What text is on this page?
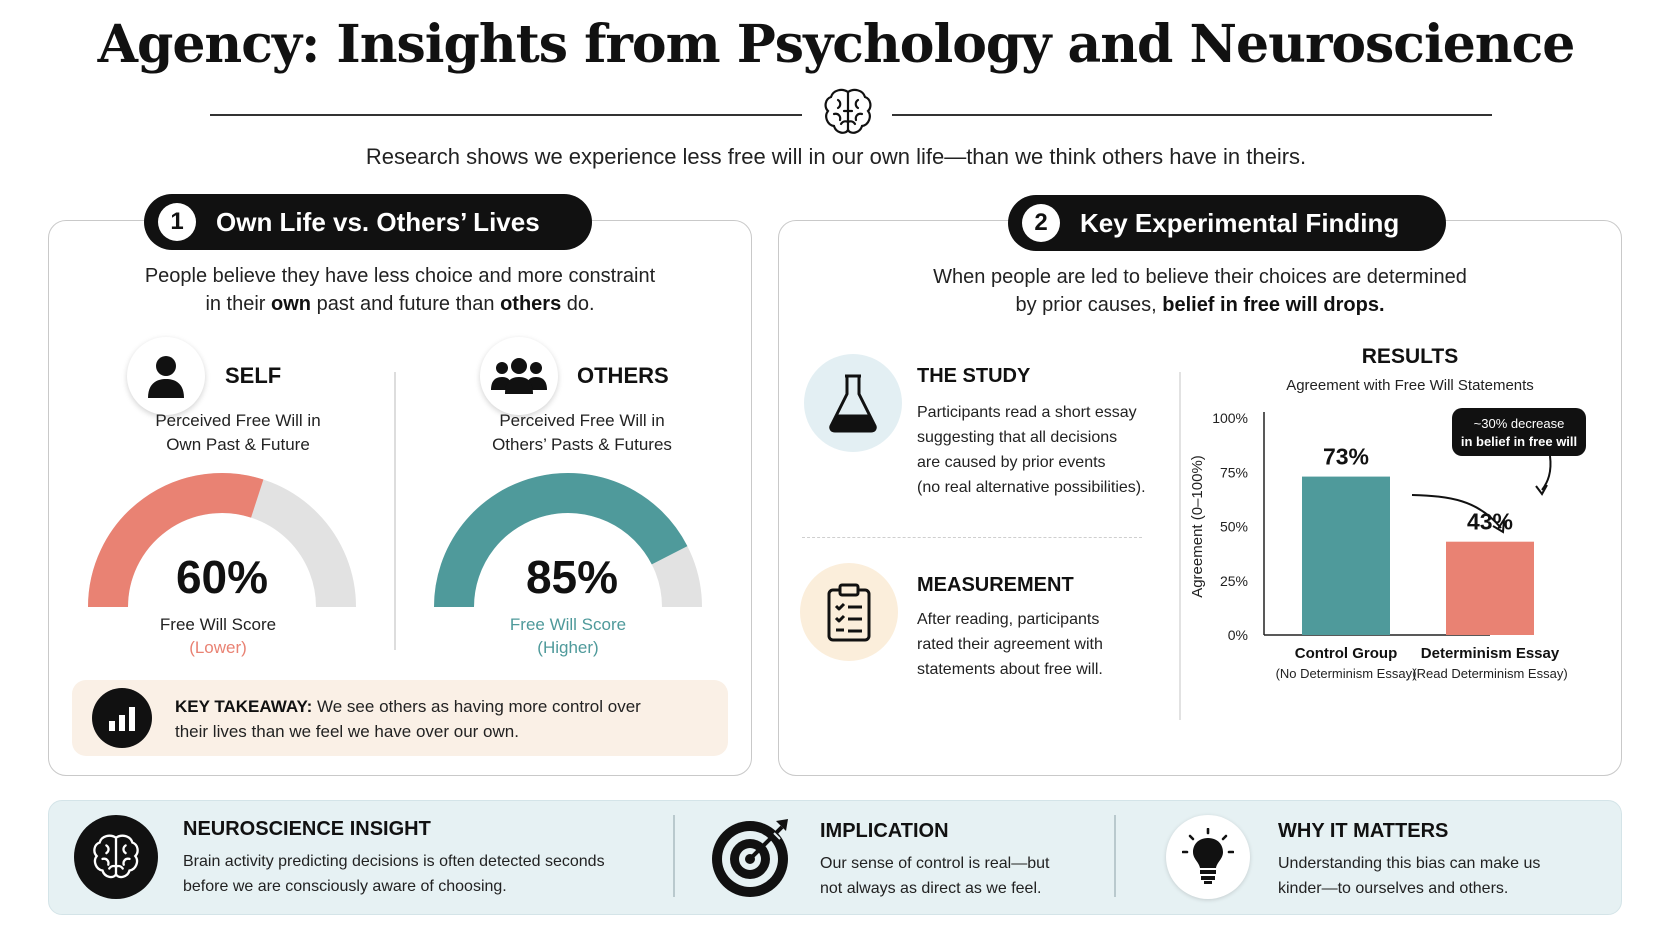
Agency: Insights from Psychology and Neuroscience
Research shows we experience less free will in our own life—than we think others have in theirs.
1	Own Life vs. Others’ Lives
People believe they have less choice and more constraint
in their own past and future than others do.
SELF
Perceived Free Will in
Own Past & Future
60%
Free Will Score
(Lower)
OTHERS
Perceived Free Will in
Others’ Pasts & Futures
85%
Free Will Score
(Higher)
KEY TAKEAWAY: We see others as having more control over
their lives than we feel we have over our own.
2	Key Experimental Finding
When people are led to believe their choices are determined
by prior causes, belief in free will drops.
THE STUDY
Participants read a short essay
suggesting that all decisions
are caused by prior events
(no real alternative possibilities).
MEASUREMENT
After reading, participants
rated their agreement with
statements about free will.
RESULTS
Agreement with Free Will Statements
0%
25%
50%
75%
100%
Agreement (0–100%)	73%
Control Group
(No Determinism Essay)
43%
Determinism Essay
(Read Determinism Essay)
~30% decrease
in belief in free will
NEUROSCIENCE INSIGHT
Brain activity predicting decisions is often detected seconds
before we are consciously aware of choosing.
IMPLICATION
Our sense of control is real—but
not always as direct as we feel.
WHY IT MATTERS
Understanding this bias can make us
kinder—to ourselves and others.
